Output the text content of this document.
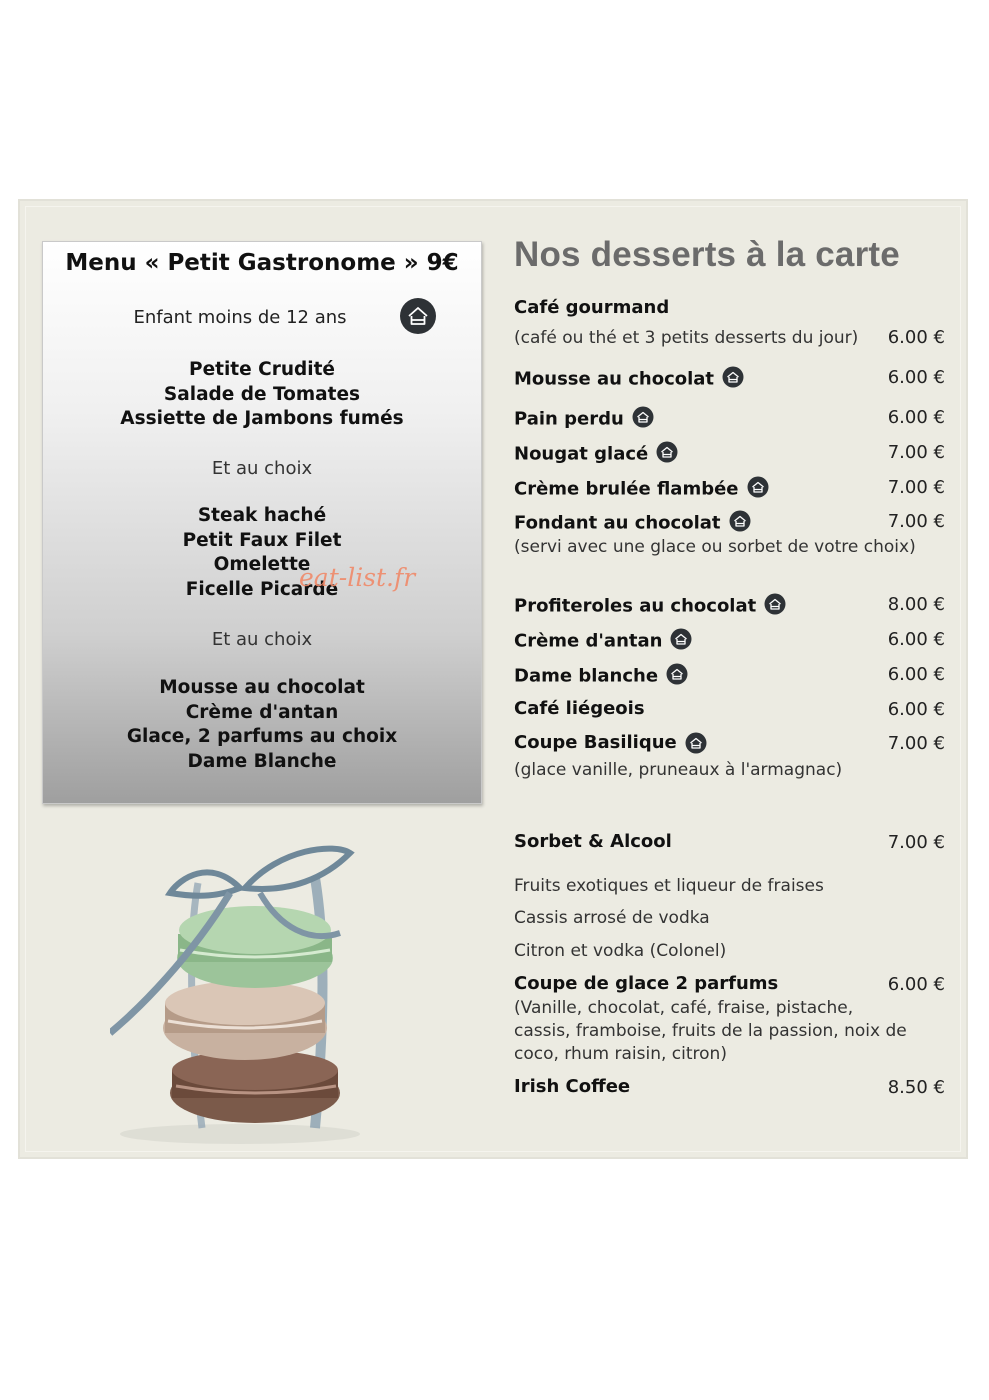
Menu « Petit Gastronome » 9€
Enfant moins de 12 ans
Petite Crudité
Salade de Tomates
Assiette de Jambons fumés
Et au choix
Steak haché
Petit Faux Filet
Omelette
Ficelle Picarde
Et au choix
Mousse au chocolat
Crème d'antan
Glace, 2 parfums au choix
Dame Blanche
eat-list.fr
Nos desserts à la carte
Café gourmand
(café ou thé et 3 petits desserts du jour) 6.00 €
Mousse au chocolat	6.00 €
Pain perdu	6.00 €
Nougat glacé	7.00 €
Crème brulée flambée	7.00 €
Fondant au chocolat	7.00 €
(servi avec une glace ou sorbet de votre choix)
Profiteroles au chocolat	8.00 €
Crème d'antan	6.00 €
Dame blanche	6.00 €
Café liégeois	6.00 €
Coupe Basilique	7.00 €
(glace vanille, pruneaux à l'armagnac)
Sorbet & Alcool	7.00 €
Fruits exotiques et liqueur de fraises
Cassis arrosé de vodka
Citron et vodka (Colonel)
Coupe de glace 2 parfums	6.00 €
(Vanille, chocolat, café, fraise, pistache,
cassis, framboise, fruits de la passion, noix de
coco, rhum raisin, citron)
Irish Coffee	8.50 €
